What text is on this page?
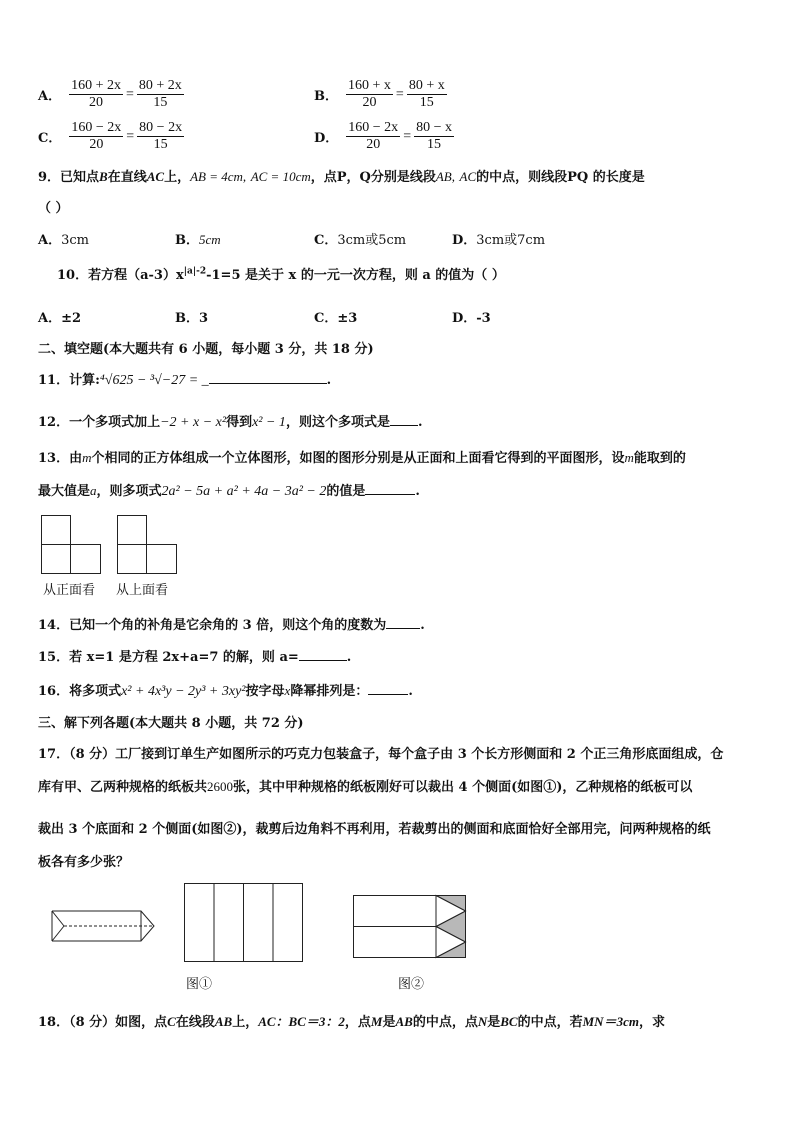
A． $\frac{160 + 2x}{20} = \frac{80 + 2x}{15}$	B． $\frac{160 + x}{20} = \frac{80 + x}{15}$
C． $\frac{160 - 2x}{20} = \frac{80 - 2x}{15}$	D． $\frac{160 - 2x}{20} = \frac{80 - x}{15}$
9．已知点B在直线AC上，AB = 4cm, AC = 10cm，点P，Q分别是线段AB, AC的中点，则线段PQ 的长度是
（ ）
A．3cm	B．5cm	C．3cm或5cm	D．3cm或7cm
10．若方程$(a-3)x^{|a|-2}-1=5$ 是关于 x 的一元一次方程，则 a 的值为（ ）
A．±2	B．3	C．±3	D．-3
二、填空题(本大题共有 6 小题，每小题 3 分，共 18 分)
11．计算:⁴√625 − ³√−27 = _	.
12．一个多项式加上−2 + x − x²得到x² − 1，则这个多项式是 .
13．由m个相同的正方体组成一个立体图形，如图的图形分别是从正面和上面看它得到的平面图形，设m能取到的
最大值是a，则多项式2a² − 5a + a² + 4a − 3a² − 2的值是	.
从正面看 从上面看
14．已知一个角的补角是它余角的 3 倍，则这个角的度数为	.
15．若 x=1 是方程 2x+a=7 的解，则 a=	.
16．将多项式x² + 4x³y − 2y³ + 3xy²按字母x降幂排列是：	.
三、解下列各题(本大题共 8 小题，共 72 分)
17．（8 分）工厂接到订单生产如图所示的巧克力包装盒子，每个盒子由 3 个长方形侧面和 2 个正三角形底面组成，仓
库有甲、乙两种规格的纸板共2600张，其中甲种规格的纸板刚好可以裁出 4 个侧面(如图①)，乙种规格的纸板可以
裁出 3 个底面和 2 个侧面(如图②)，裁剪后边角料不再利用，若裁剪出的侧面和底面恰好全部用完，问两种规格的纸
板各有多少张？
图①	图②
18．（8 分）如图，点C在线段AB上，AC：BC＝3：2，点M是AB的中点，点N是BC的中点，若MN＝3cm，求
